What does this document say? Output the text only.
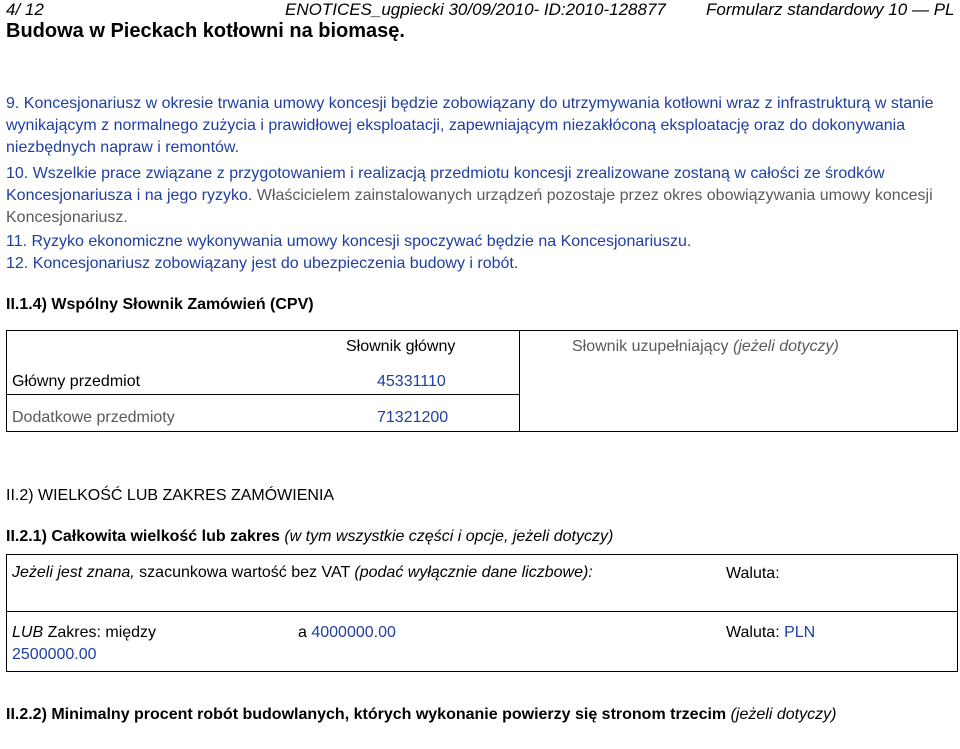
4/ 12	ENOTICES_ugpiecki 30/09/2010- ID:2010-128877 Formularz standardowy 10 — PL
Budowa w Pieckach kotłowni na biomasę.
9. Koncesjonariusz w okresie trwania umowy koncesji będzie zobowiązany do utrzymywania kotłowni wraz z infrastrukturą w stanie wynikającym z normalnego zużycia i prawidłowej eksploatacji, zapewniającym niezakłóconą eksploatację oraz do dokonywania niezbędnych napraw i remontów.
10. Wszelkie prace związane z przygotowaniem i realizacją przedmiotu koncesji zrealizowane zostaną w całości ze środków Koncesjonariusza i na jego ryzyko. Właścicielem zainstalowanych urządzeń pozostaje przez okres obowiązywania umowy koncesji Koncesjonariusz.
11. Ryzyko ekonomiczne wykonywania umowy koncesji spoczywać będzie na Koncesjonariuszu.
12. Koncesjonariusz zobowiązany jest do ubezpieczenia budowy i robót.
II.1.4) Wspólny Słownik Zamówień (CPV)
Słownik główny	Słownik uzupełniający (jeżeli dotyczy)
Główny przedmiot	45331110
Dodatkowe przedmioty	71321200
II.2) WIELKOŚĆ LUB ZAKRES ZAMÓWIENIA
II.2.1) Całkowita wielkość lub zakres (w tym wszystkie części i opcje, jeżeli dotyczy)
Jeżeli jest znana, szacunkowa wartość bez VAT (podać wyłącznie dane liczbowe):	Waluta:
LUB Zakres: między
2500000.00
a 4000000.00	Waluta: PLN
II.2.2) Minimalny procent robót budowlanych, których wykonanie powierzy się stronom trzecim (jeżeli dotyczy)
